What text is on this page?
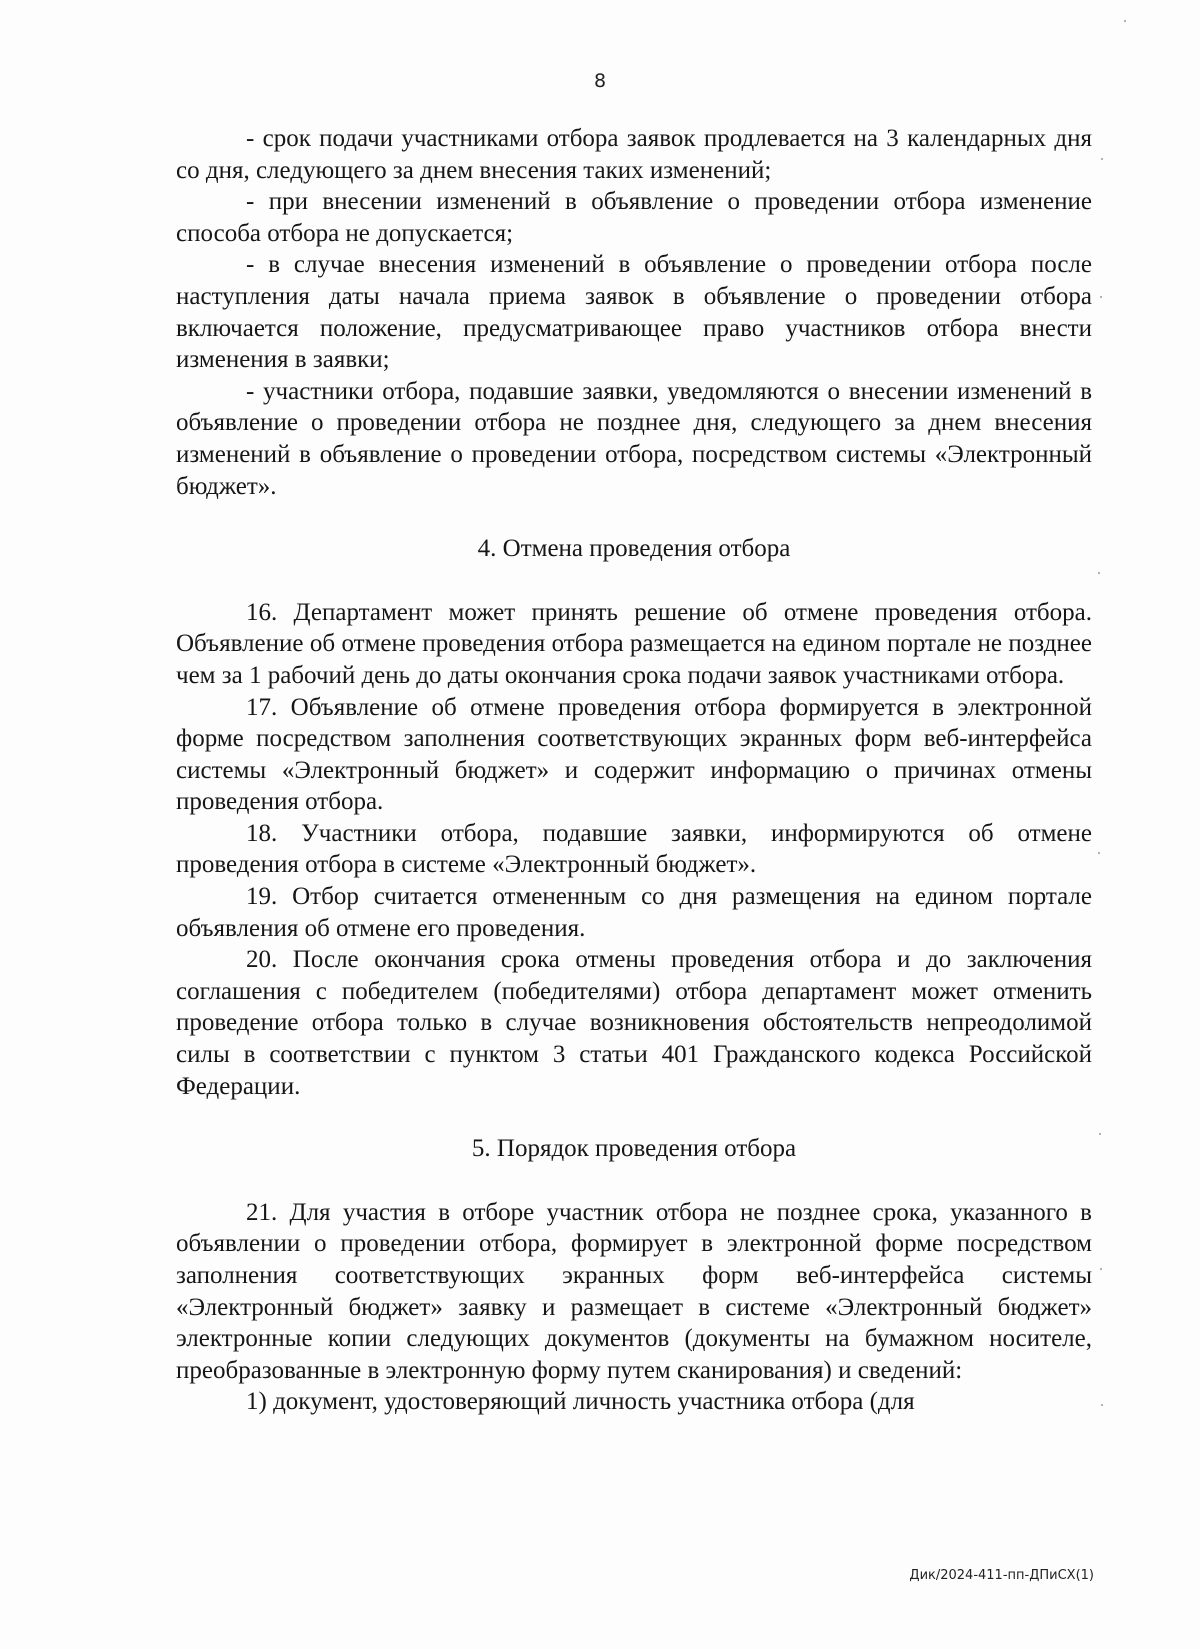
8

- срок подачи участниками отбора заявок продлевается на 3 календарных дня со дня, следующего за днем внесения таких изменений;

- при внесении изменений в объявление о проведении отбора изменение способа отбора не допускается;

- в случае внесения изменений в объявление о проведении отбора после наступления даты начала приема заявок в объявление о проведении отбора включается положение, предусматривающее право участников отбора внести изменения в заявки;

- участники отбора, подавшие заявки, уведомляются о внесении изменений в объявление о проведении отбора не позднее дня, следующего за днем внесения изменений в объявление о проведении отбора, посредством системы «Электронный бюджет».

4. Отмена проведения отбора

16. Департамент может принять решение об отмене проведения отбора. Объявление об отмене проведения отбора размещается на едином портале не позднее чем за 1 рабочий день до даты окончания срока подачи заявок участниками отбора.

17. Объявление об отмене проведения отбора формируется в электронной форме посредством заполнения соответствующих экранных форм веб-интерфейса системы «Электронный бюджет» и содержит информацию о причинах отмены проведения отбора.

18. Участники отбора, подавшие заявки, информируются об отмене проведения отбора в системе «Электронный бюджет».

19. Отбор считается отмененным со дня размещения на едином портале объявления об отмене его проведения.

20. После окончания срока отмены проведения отбора и до заключения соглашения с победителем (победителями) отбора департамент может отменить проведение отбора только в случае возникновения обстоятельств непреодолимой силы в соответствии с пунктом 3 статьи 401 Гражданского кодекса Российской Федерации.

5. Порядок проведения отбора

21. Для участия в отборе участник отбора не позднее срока, указанного в объявлении о проведении отбора, формирует в электронной форме посредством заполнения соответствующих экранных форм веб-интерфейса системы «Электронный бюджет» заявку и размещает в системе «Электронный бюджет» электронные копии следующих документов (документы на бумажном носителе, преобразованные в электронную форму путем сканирования) и сведений:

1) документ, удостоверяющий личность участника отбора (для

Дик/2024-411-пп-ДПиСХ(1)
